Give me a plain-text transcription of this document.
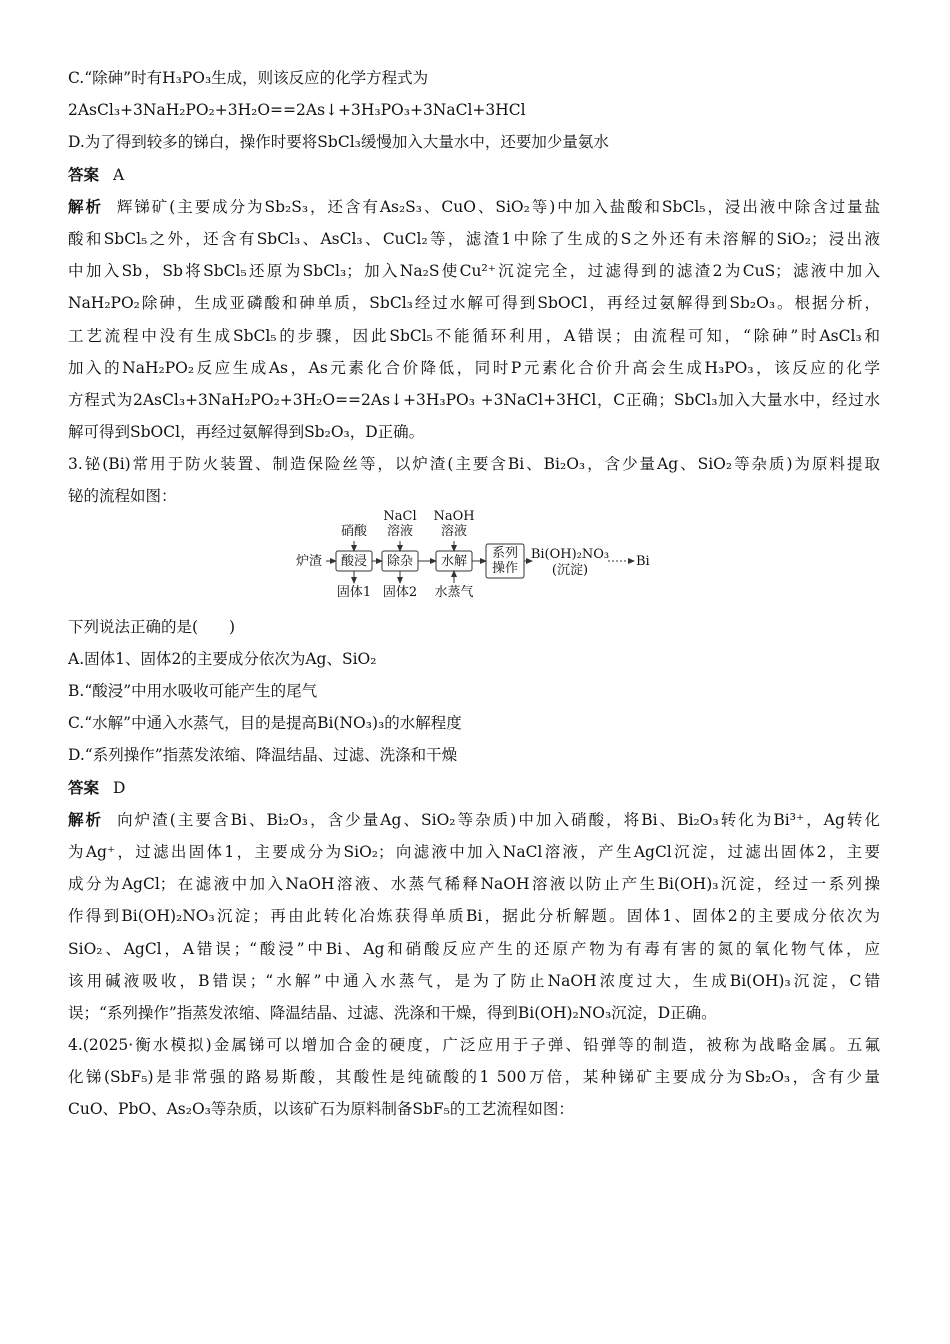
C.“除砷”时有H₃PO₃生成，则该反应的化学方程式为
2AsCl₃+3NaH₂PO₂+3H₂O==2As↓+3H₃PO₃+3NaCl+3HCl
D.为了得到较多的锑白，操作时要将SbCl₃缓慢加入大量水中，还要加少量氨水
答案 A
解析 辉锑矿(主要成分为Sb₂S₃，还含有As₂S₃、CuO、SiO₂等)中加入盐酸和SbCl₅，浸出液中除含过量盐
酸和SbCl₅之外，还含有SbCl₃、AsCl₃、CuCl₂等，滤渣1中除了生成的S之外还有未溶解的SiO₂；浸出液
中加入Sb，Sb将SbCl₅还原为SbCl₃；加入Na₂S使Cu²⁺沉淀完全，过滤得到的滤渣2为CuS；滤液中加入
NaH₂PO₂除砷，生成亚磷酸和砷单质，SbCl₃经过水解可得到SbOCl，再经过氨解得到Sb₂O₃。根据分析，
工艺流程中没有生成SbCl₅的步骤，因此SbCl₅不能循环利用，A错误；由流程可知，“除砷”时AsCl₃和
加入的NaH₂PO₂反应生成As，As元素化合价降低，同时P元素化合价升高会生成H₃PO₃，该反应的化学
方程式为2AsCl₃+3NaH₂PO₂+3H₂O==2As↓+3H₃PO₃ +3NaCl+3HCl，C正确；SbCl₃加入大量水中，经过水
解可得到SbOCl，再经过氨解得到Sb₂O₃，D正确。
3.铋(Bi)常用于防火装置、制造保险丝等，以炉渣(主要含Bi、Bi₂O₃，含少量Ag、SiO₂等杂质)为原料提取
铋的流程如图：
炉渣 酸浸
硝酸
固体1
除杂
NaCl
溶液
固体2
水解
NaOH
溶液
水蒸气
系列
操作
Bi(OH)₂NO₃
(沉淀)
Bi
下列说法正确的是(　　)
A.固体1、固体2的主要成分依次为Ag、SiO₂
B.“酸浸”中用水吸收可能产生的尾气
C.“水解”中通入水蒸气，目的是提高Bi(NO₃)₃的水解程度
D.“系列操作”指蒸发浓缩、降温结晶、过滤、洗涤和干燥
答案 D
解析 向炉渣(主要含Bi、Bi₂O₃，含少量Ag、SiO₂等杂质)中加入硝酸，将Bi、Bi₂O₃转化为Bi³⁺，Ag转化
为Ag⁺，过滤出固体1，主要成分为SiO₂；向滤液中加入NaCl溶液，产生AgCl沉淀，过滤出固体2，主要
成分为AgCl；在滤液中加入NaOH溶液、水蒸气稀释NaOH溶液以防止产生Bi(OH)₃沉淀，经过一系列操
作得到Bi(OH)₂NO₃沉淀；再由此转化冶炼获得单质Bi，据此分析解题。固体1、固体2的主要成分依次为
SiO₂、AgCl，A错误；“酸浸”中Bi、Ag和硝酸反应产生的还原产物为有毒有害的氮的氧化物气体，应
该用碱液吸收，B错误；“水解”中通入水蒸气，是为了防止NaOH浓度过大，生成Bi(OH)₃沉淀，C错
误；“系列操作”指蒸发浓缩、降温结晶、过滤、洗涤和干燥，得到Bi(OH)₂NO₃沉淀，D正确。
4.(2025·衡水模拟)金属锑可以增加合金的硬度，广泛应用于子弹、铅弹等的制造，被称为战略金属。五氟
化锑(SbF₅)是非常强的路易斯酸，其酸性是纯硫酸的1 500万倍，某种锑矿主要成分为Sb₂O₃，含有少量
CuO、PbO、As₂O₃等杂质，以该矿石为原料制备SbF₅的工艺流程如图：
